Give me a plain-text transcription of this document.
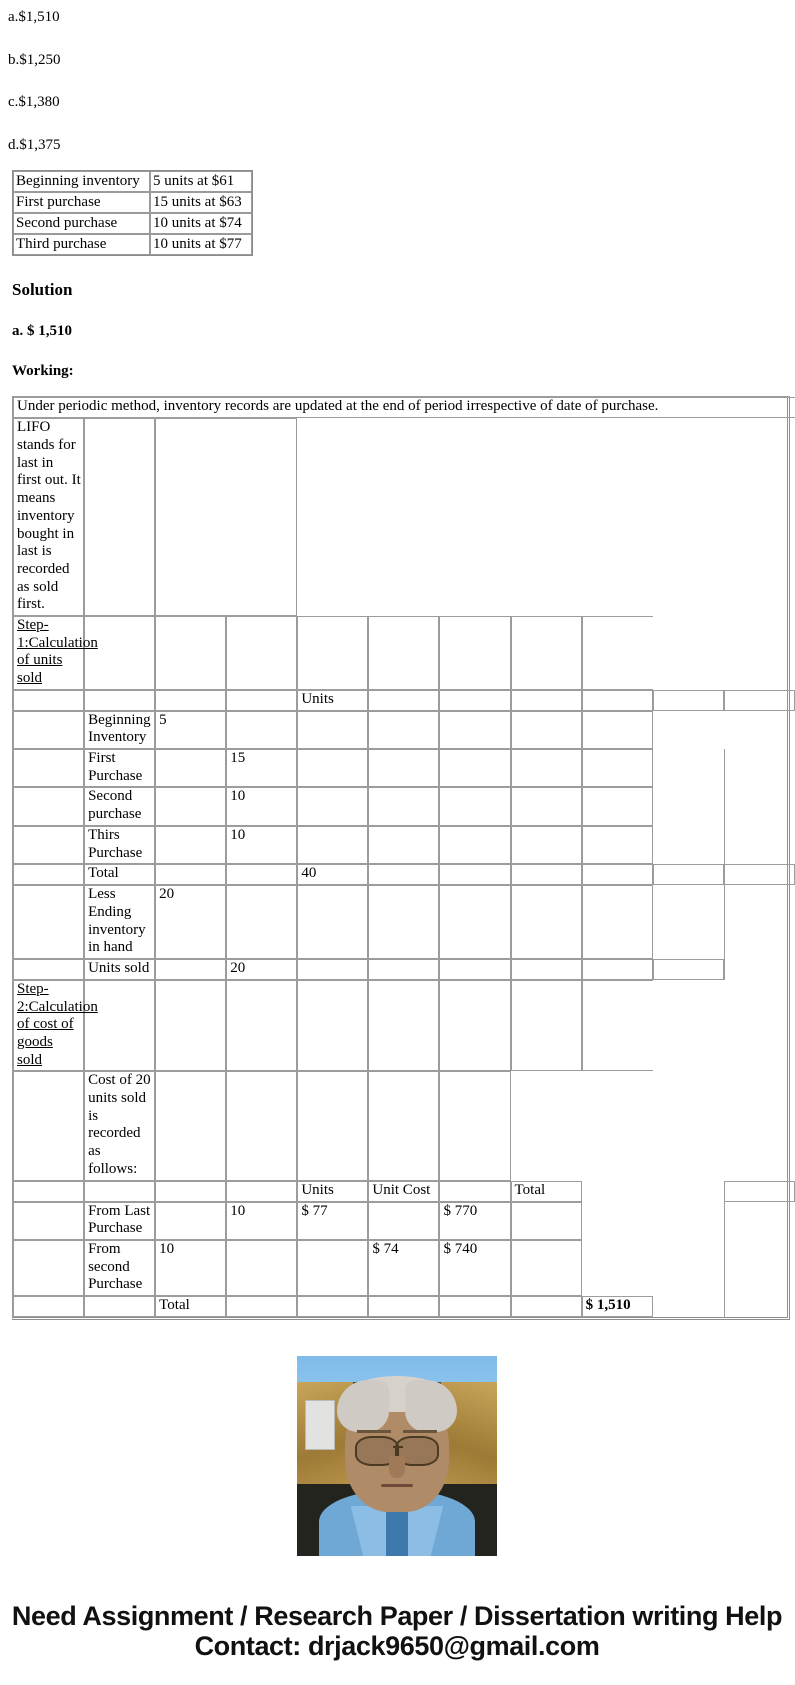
a.$1,510
b.$1,250
c.$1,380
d.$1,375
Beginning inventory	5 units at $61
First purchase	15 units at $63
Second purchase	10 units at $74
Third purchase	10 units at $77
Solution

a. $ 1,510

Working:

Under periodic method, inventory records are updated at the end of period irrespective of date of purchase.										
LIFO stands for last in first out. It means inventory bought in last is recorded as sold first.										
Step-1:Calculation of units sold										
				Units						
	Beginning Inventory	5								
	First Purchase		15							
	Second purchase		10							
	Thirs Purchase		10							
	Total			40						
	Less Ending inventory in hand	20								
	Units sold		20							
Step-2:Calculation of cost of goods sold										
	Cost of 20 units sold is recorded as follows:									
				Units	Unit Cost		Total			
	From Last Purchase		10	$ 77		$ 770				
	From second Purchase	10			$ 74	$ 740				
		Total						$ 1,510		
Need Assignment / Research Paper / Dissertation writing Help
Contact: drjack9650@gmail.com
